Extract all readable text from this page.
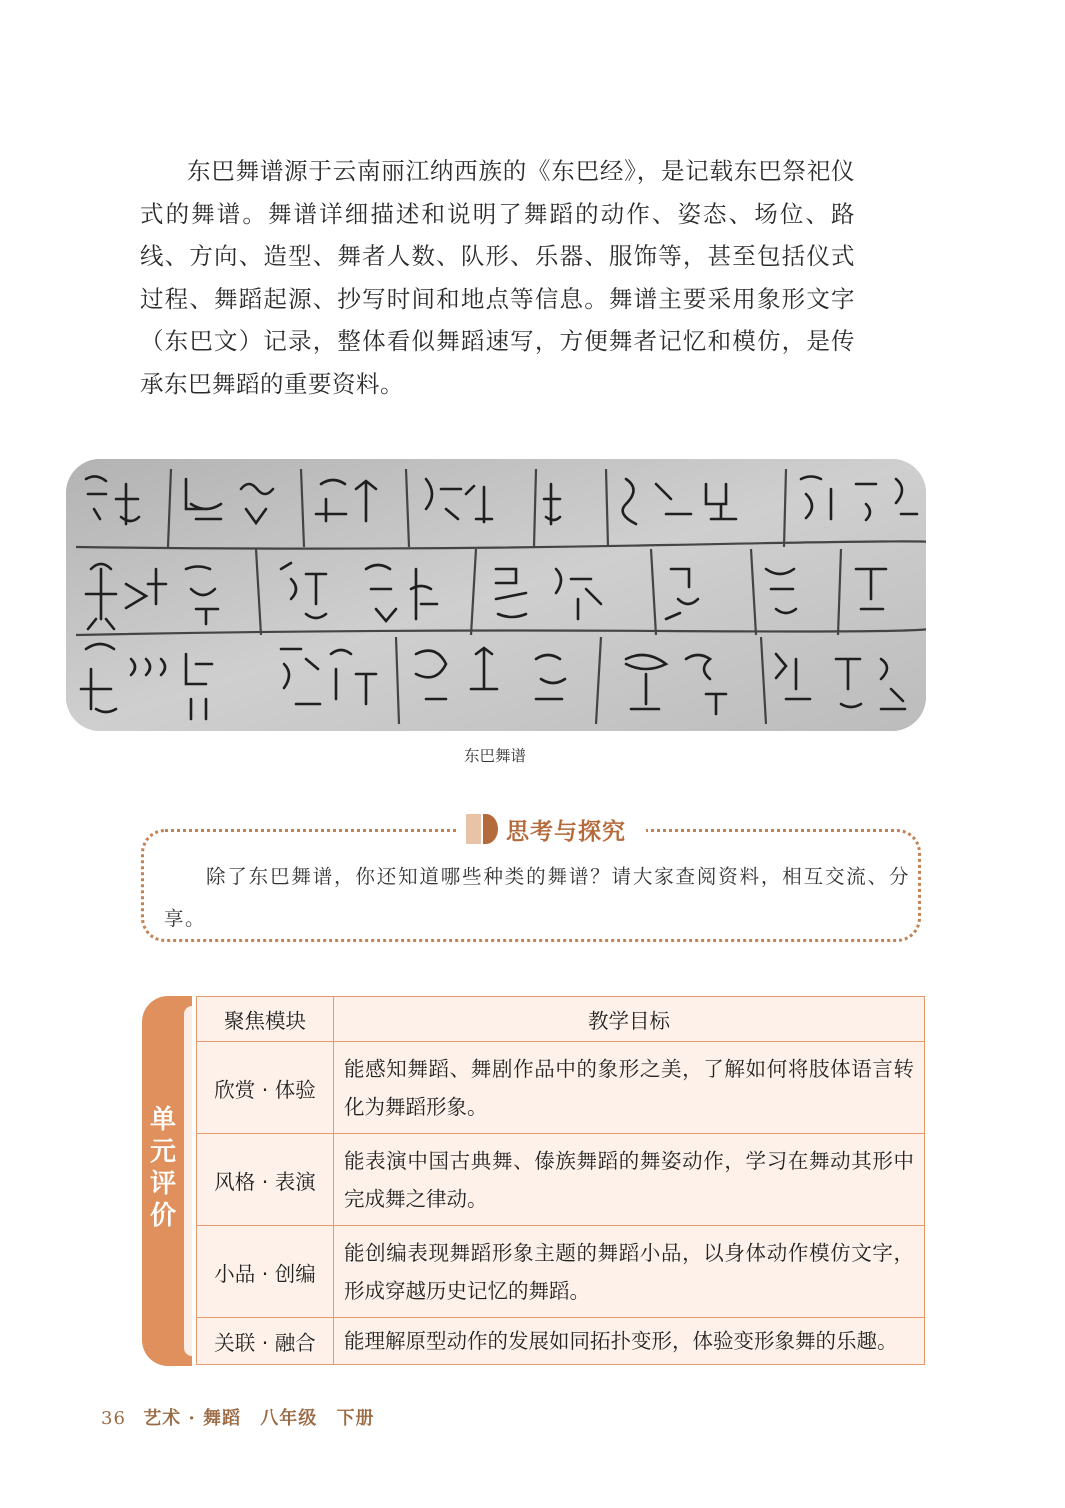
东巴舞谱源于云南丽江纳西族的《东巴经》，是记载东巴祭祀仪式的舞谱。舞谱详细描述和说明了舞蹈的动作、姿态、场位、路线、方向、造型、舞者人数、队形、乐器、服饰等，甚至包括仪式过程、舞蹈起源、抄写时间和地点等信息。舞谱主要采用象形文字（东巴文）记录，整体看似舞蹈速写，方便舞者记忆和模仿，是传承东巴舞蹈的重要资料。
东巴舞谱
思考与探究
除了东巴舞谱，你还知道哪些种类的舞谱？请大家查阅资料，相互交流、分享。
单
元
评
价
聚焦模块	教学目标
欣赏 · 体验	能感知舞蹈、舞剧作品中的象形之美，了解如何将肢体语言转化为舞蹈形象。
风格 · 表演	能表演中国古典舞、傣族舞蹈的舞姿动作，学习在舞动其形中完成舞之律动。
小品 · 创编	能创编表现舞蹈形象主题的舞蹈小品，以身体动作模仿文字，形成穿越历史记忆的舞蹈。
关联 · 融合	能理解原型动作的发展如同拓扑变形，体验变形象舞的乐趣。
36 艺术 · 舞蹈 八年级 下册
